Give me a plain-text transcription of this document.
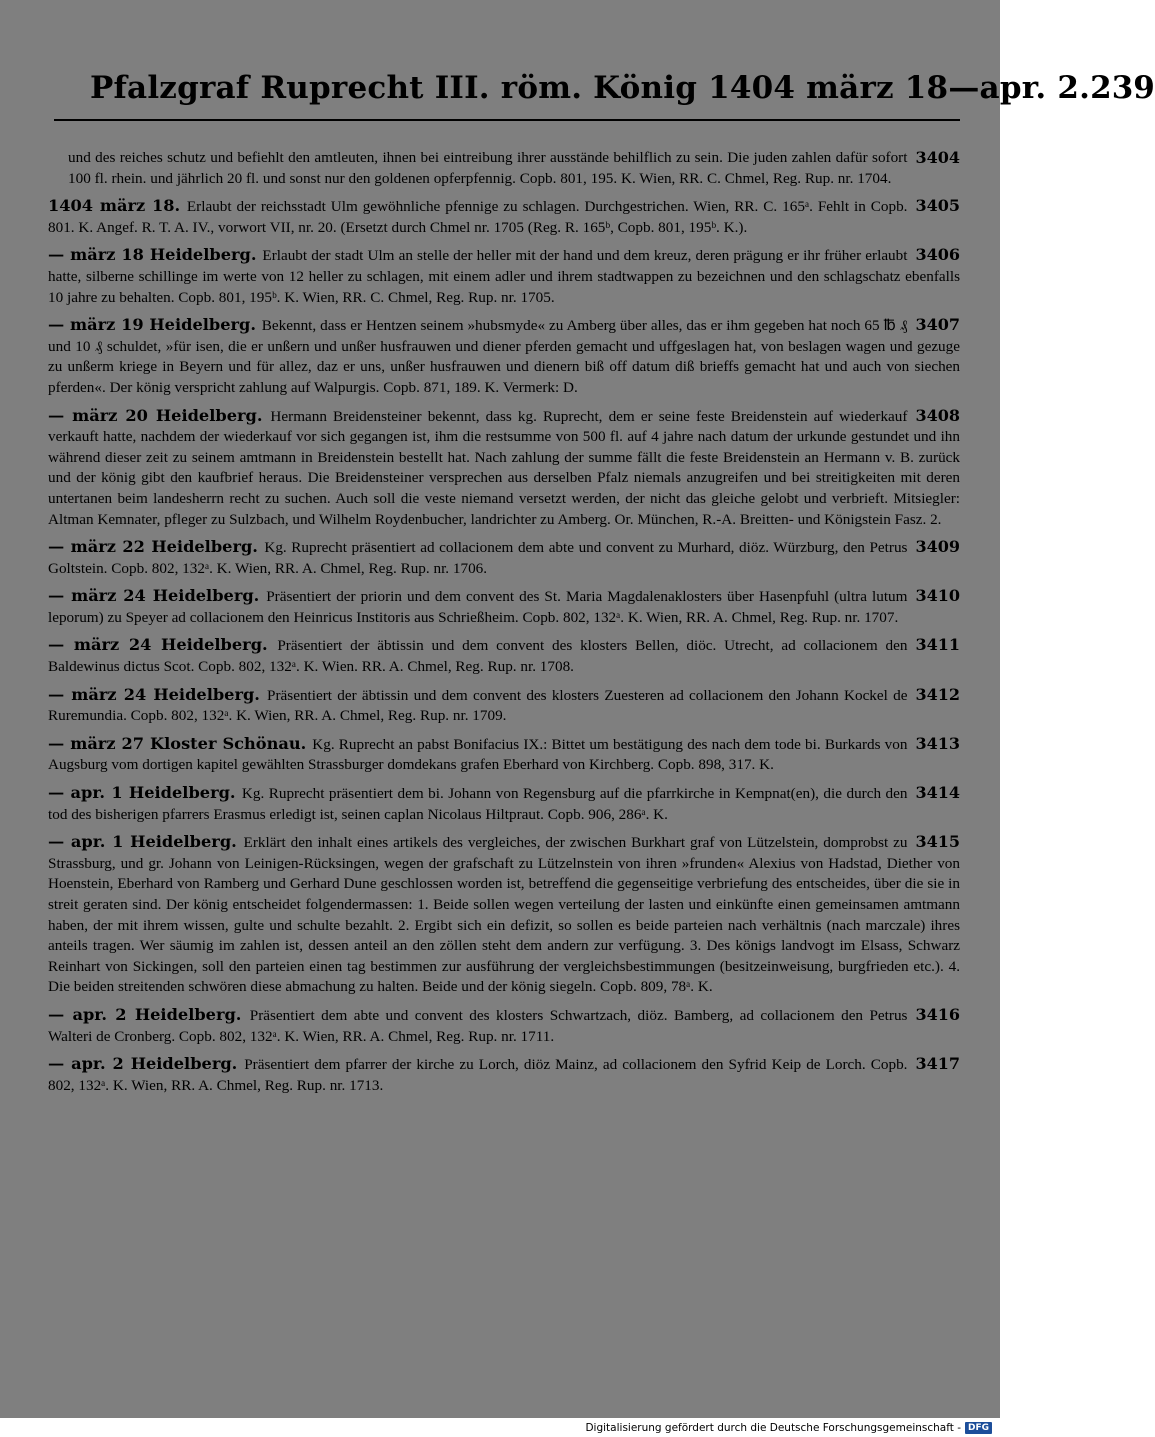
Pfalzgraf Ruprecht III. röm. König 1404 märz 18—apr. 2. 239
3404
und des reiches schutz und befiehlt den amtleuten, ihnen bei eintreibung ihrer ausstände behilflich zu sein. Die juden zahlen dafür sofort 100 fl. rhein. und jährlich 20 fl. und sonst nur den goldenen opferpfennig. Copb. 801, 195. K. Wien, RR. C. Chmel, Reg. Rup. nr. 1704.
3405
1404 märz 18. Erlaubt der reichsstadt Ulm gewöhnliche pfennige zu schlagen. Durchgestrichen. Wien, RR. C. 165ᵃ. Fehlt in Copb. 801. K. Angef. R. T. A. IV., vorwort VII, nr. 20. (Ersetzt durch Chmel nr. 1705 (Reg. R. 165ᵇ, Copb. 801, 195ᵇ. K.).
3406
— märz 18 Heidelberg. Erlaubt der stadt Ulm an stelle der heller mit der hand und dem kreuz, deren prägung er ihr früher erlaubt hatte, silberne schillinge im werte von 12 heller zu schlagen, mit einem adler und ihrem stadtwappen zu bezeichnen und den schlagschatz ebenfalls 10 jahre zu behalten. Copb. 801, 195ᵇ. K. Wien, RR. C. Chmel, Reg. Rup. nr. 1705.
3407
— märz 19 Heidelberg. Bekennt, dass er Hentzen seinem »hubsmyde« zu Amberg über alles, das er ihm gegeben hat noch 65 ℔ ₰ und 10 ₰ schuldet, »für isen, die er unßern und unßer husfrauwen und diener pferden gemacht und uffgeslagen hat, von beslagen wagen und gezuge zu unßerm kriege in Beyern und für allez, daz er uns, unßer husfrauwen und dienern biß off datum diß brieffs gemacht hat und auch von siechen pferden«. Der könig verspricht zahlung auf Walpurgis. Copb. 871, 189. K. Vermerk: D.
3408
— märz 20 Heidelberg. Hermann Breidensteiner bekennt, dass kg. Ruprecht, dem er seine feste Breidenstein auf wiederkauf verkauft hatte, nachdem der wiederkauf vor sich gegangen ist, ihm die restsumme von 500 fl. auf 4 jahre nach datum der urkunde gestundet und ihn während dieser zeit zu seinem amtmann in Breidenstein bestellt hat. Nach zahlung der summe fällt die feste Breidenstein an Hermann v. B. zurück und der könig gibt den kaufbrief heraus. Die Breidensteiner versprechen aus derselben Pfalz niemals anzugreifen und bei streitigkeiten mit deren untertanen beim landesherrn recht zu suchen. Auch soll die veste niemand versetzt werden, der nicht das gleiche gelobt und verbrieft. Mitsiegler: Altman Kemnater, pfleger zu Sulzbach, und Wilhelm Roydenbucher, landrichter zu Amberg. Or. München, R.-A. Breitten- und Königstein Fasz. 2.
3409
— märz 22 Heidelberg. Kg. Ruprecht präsentiert ad collacionem dem abte und convent zu Murhard, diöz. Würzburg, den Petrus Goltstein. Copb. 802, 132ᵃ. K. Wien, RR. A. Chmel, Reg. Rup. nr. 1706.
3410
— märz 24 Heidelberg. Präsentiert der priorin und dem convent des St. Maria Magdalenaklosters über Hasenpfuhl (ultra lutum leporum) zu Speyer ad collacionem den Heinricus Institoris aus Schrießheim. Copb. 802, 132ᵃ. K. Wien, RR. A. Chmel, Reg. Rup. nr. 1707.
3411
— märz 24 Heidelberg. Präsentiert der äbtissin und dem convent des klosters Bellen, diöc. Utrecht, ad collacionem den Baldewinus dictus Scot. Copb. 802, 132ᵃ. K. Wien. RR. A. Chmel, Reg. Rup. nr. 1708.
3412
— märz 24 Heidelberg. Präsentiert der äbtissin und dem convent des klosters Zuesteren ad collacionem den Johann Kockel de Ruremundia. Copb. 802, 132ᵃ. K. Wien, RR. A. Chmel, Reg. Rup. nr. 1709.
3413
— märz 27 Kloster Schönau. Kg. Ruprecht an pabst Bonifacius IX.: Bittet um bestätigung des nach dem tode bi. Burkards von Augsburg vom dortigen kapitel gewählten Strassburger domdekans grafen Eberhard von Kirchberg. Copb. 898, 317. K.
3414
— apr. 1 Heidelberg. Kg. Ruprecht präsentiert dem bi. Johann von Regensburg auf die pfarrkirche in Kempnat(en), die durch den tod des bisherigen pfarrers Erasmus erledigt ist, seinen caplan Nicolaus Hiltpraut. Copb. 906, 286ᵃ. K.
3415
— apr. 1 Heidelberg. Erklärt den inhalt eines artikels des vergleiches, der zwischen Burkhart graf von Lützelstein, domprobst zu Strassburg, und gr. Johann von Leinigen-Rücksingen, wegen der grafschaft zu Lützelnstein von ihren »frunden« Alexius von Hadstad, Diether von Hoenstein, Eberhard von Ramberg und Gerhard Dune geschlossen worden ist, betreffend die gegenseitige verbriefung des entscheides, über die sie in streit geraten sind. Der könig entscheidet folgendermassen: 1. Beide sollen wegen verteilung der lasten und einkünfte einen gemeinsamen amtmann haben, der mit ihrem wissen, gulte und schulte bezahlt. 2. Ergibt sich ein defizit, so sollen es beide parteien nach verhältnis (nach marczale) ihres anteils tragen. Wer säumig im zahlen ist, dessen anteil an den zöllen steht dem andern zur verfügung. 3. Des königs landvogt im Elsass, Schwarz Reinhart von Sickingen, soll den parteien einen tag bestimmen zur ausführung der vergleichsbestimmungen (besitzeinweisung, burgfrieden etc.). 4. Die beiden streitenden schwören diese abmachung zu halten. Beide und der könig siegeln. Copb. 809, 78ᵃ. K.
3416
— apr. 2 Heidelberg. Präsentiert dem abte und convent des klosters Schwartzach, diöz. Bamberg, ad collacionem den Petrus Walteri de Cronberg. Copb. 802, 132ᵃ. K. Wien, RR. A. Chmel, Reg. Rup. nr. 1711.
3417
— apr. 2 Heidelberg. Präsentiert dem pfarrer der kirche zu Lorch, diöz Mainz, ad collacionem den Syfrid Keip de Lorch. Copb. 802, 132ᵃ. K. Wien, RR. A. Chmel, Reg. Rup. nr. 1713.
Digitalisierung gefördert durch die Deutsche Forschungsgemeinschaft - DFG
